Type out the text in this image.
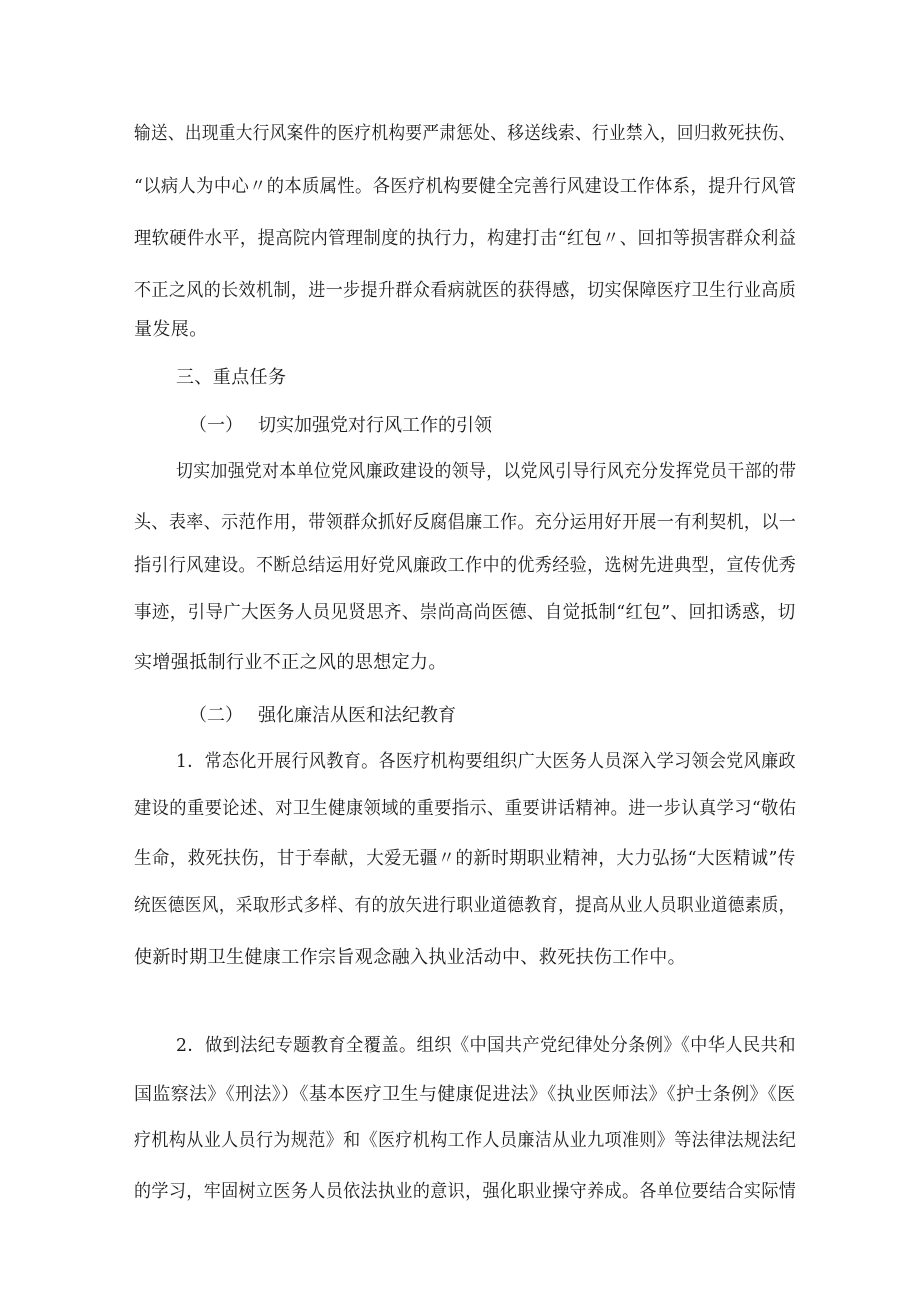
输送、出现重大行风案件的医疗机构要严肃惩处、移送线索、行业禁入，回归救死扶伤、
“以病人为中心〃的本质属性。各医疗机构要健全完善行风建设工作体系，提升行风管
理软硬件水平，提高院内管理制度的执行力，构建打击“红包〃、回扣等损害群众利益
不正之风的长效机制，进一步提升群众看病就医的获得感，切实保障医疗卫生行业高质
量发展。
三、重点任务
（一） 切实加强党对行风工作的引领
切实加强党对本单位党风廉政建设的领导，以党风引导行风充分发挥党员干部的带
头、表率、示范作用，带领群众抓好反腐倡廉工作。充分运用好开展一有利契机，以一
指引行风建设。不断总结运用好党风廉政工作中的优秀经验，选树先进典型，宣传优秀
事迹，引导广大医务人员见贤思齐、崇尚高尚医德、自觉抵制“红包”、回扣诱惑，切
实增强抵制行业不正之风的思想定力。
（二） 强化廉洁从医和法纪教育
1．常态化开展行风教育。各医疗机构要组织广大医务人员深入学习领会党风廉政
建设的重要论述、对卫生健康领域的重要指示、重要讲话精神。进一步认真学习“敬佑
生命，救死扶伤，甘于奉献，大爱无疆〃的新时期职业精神，大力弘扬“大医精诚”传
统医德医风，采取形式多样、有的放矢进行职业道德教育，提高从业人员职业道德素质，
使新时期卫生健康工作宗旨观念融入执业活动中、救死扶伤工作中。
2．做到法纪专题教育全覆盖。组织《中国共产党纪律处分条例》《中华人民共和
国监察法》《刑法》）《基本医疗卫生与健康促进法》《执业医师法》《护士条例》《医
疗机构从业人员行为规范》和《医疗机构工作人员廉洁从业九项准则》等法律法规法纪
的学习，牢固树立医务人员依法执业的意识，强化职业操守养成。各单位要结合实际情
